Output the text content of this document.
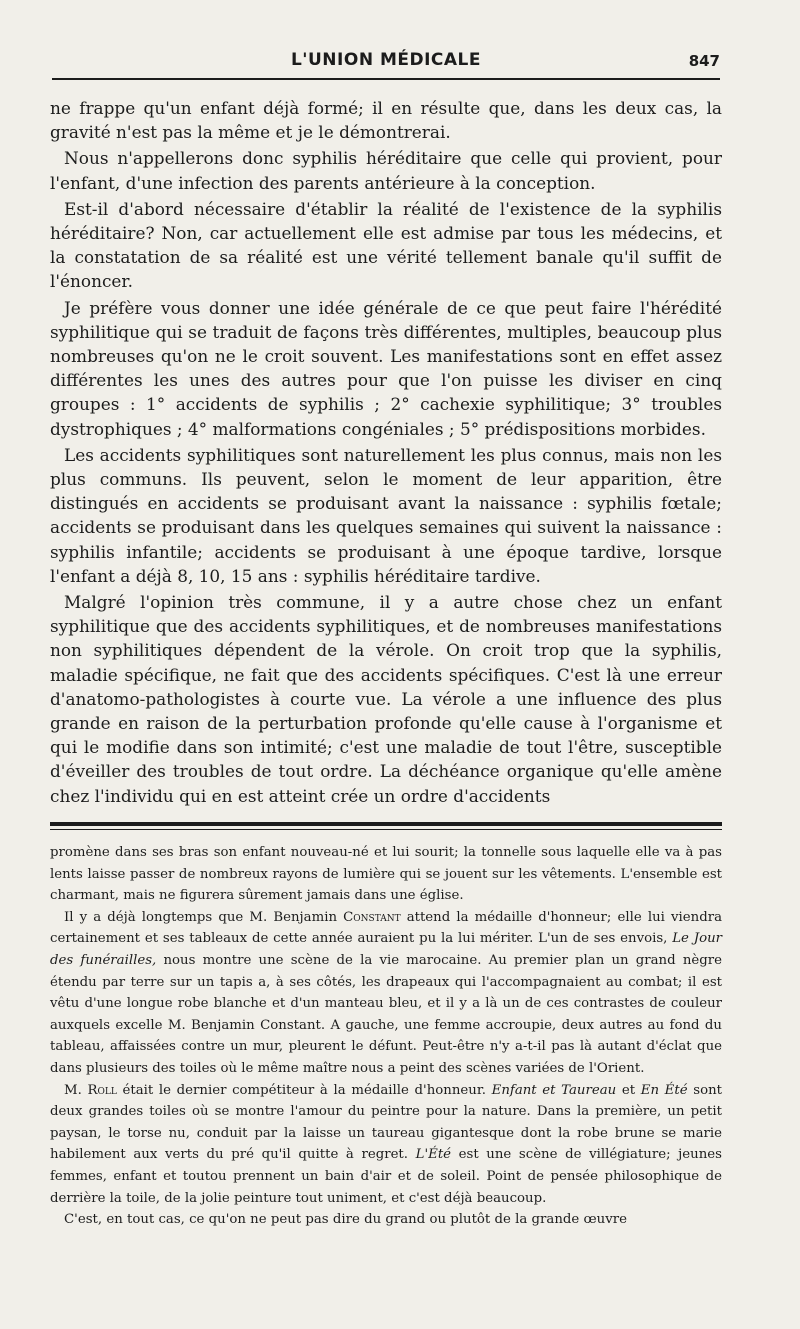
L'UNION MÉDICALE	847

ne frappe qu'un enfant déjà formé; il en résulte que, dans les deux cas, la gravité n'est pas la même et je le démontrerai.

Nous n'appellerons donc syphilis héréditaire que celle qui provient, pour l'enfant, d'une infection des parents antérieure à la conception.

Est-il d'abord nécessaire d'établir la réalité de l'existence de la syphilis héréditaire? Non, car actuellement elle est admise par tous les médecins, et la constatation de sa réalité est une vérité tellement banale qu'il suffit de l'énoncer.

Je préfère vous donner une idée générale de ce que peut faire l'hérédité syphilitique qui se traduit de façons très différentes, multiples, beaucoup plus nombreuses qu'on ne le croit souvent. Les manifestations sont en effet assez différentes les unes des autres pour que l'on puisse les diviser en cinq groupes : 1° accidents de syphilis ; 2° cachexie syphilitique; 3° troubles dystrophiques ; 4° malformations congéniales ; 5° prédispositions morbides.

Les accidents syphilitiques sont naturellement les plus connus, mais non les plus communs. Ils peuvent, selon le moment de leur apparition, être distingués en accidents se produisant avant la naissance : syphilis fœtale; accidents se produisant dans les quelques semaines qui suivent la naissance : syphilis infantile; accidents se produisant à une époque tardive, lorsque l'enfant a déjà 8, 10, 15 ans : syphilis héréditaire tardive.

Malgré l'opinion très commune, il y a autre chose chez un enfant syphilitique que des accidents syphilitiques, et de nombreuses manifestations non syphilitiques dépendent de la vérole. On croit trop que la syphilis, maladie spécifique, ne fait que des accidents spécifiques. C'est là une erreur d'anatomo-pathologistes à courte vue. La vérole a une influence des plus grande en raison de la perturbation profonde qu'elle cause à l'organisme et qui le modifie dans son intimité; c'est une maladie de tout l'être, susceptible d'éveiller des troubles de tout ordre. La déchéance organique qu'elle amène chez l'individu qui en est atteint crée un ordre d'accidents

promène dans ses bras son enfant nouveau-né et lui sourit; la tonnelle sous laquelle elle va à pas lents laisse passer de nombreux rayons de lumière qui se jouent sur les vêtements. L'ensemble est charmant, mais ne figurera sûrement jamais dans une église.

Il y a déjà longtemps que M. Benjamin Constant attend la médaille d'honneur; elle lui viendra certainement et ses tableaux de cette année auraient pu la lui mériter. L'un de ses envois, Le Jour des funérailles, nous montre une scène de la vie marocaine. Au premier plan un grand nègre étendu par terre sur un tapis a, à ses côtés, les drapeaux qui l'accompagnaient au combat; il est vêtu d'une longue robe blanche et d'un manteau bleu, et il y a là un de ces contrastes de couleur auxquels excelle M. Benjamin Constant. A gauche, une femme accroupie, deux autres au fond du tableau, affaissées contre un mur, pleurent le défunt. Peut-être n'y a-t-il pas là autant d'éclat que dans plusieurs des toiles où le même maître nous a peint des scènes variées de l'Orient.

M. Roll était le dernier compétiteur à la médaille d'honneur. Enfant et Taureau et En Été sont deux grandes toiles où se montre l'amour du peintre pour la nature. Dans la première, un petit paysan, le torse nu, conduit par la laisse un taureau gigantesque dont la robe brune se marie habilement aux verts du pré qu'il quitte à regret. L'Été est une scène de villégiature; jeunes femmes, enfant et toutou prennent un bain d'air et de soleil. Point de pensée philosophique de derrière la toile, de la jolie peinture tout uniment, et c'est déjà beaucoup.

C'est, en tout cas, ce qu'on ne peut pas dire du grand ou plutôt de la grande œuvre
